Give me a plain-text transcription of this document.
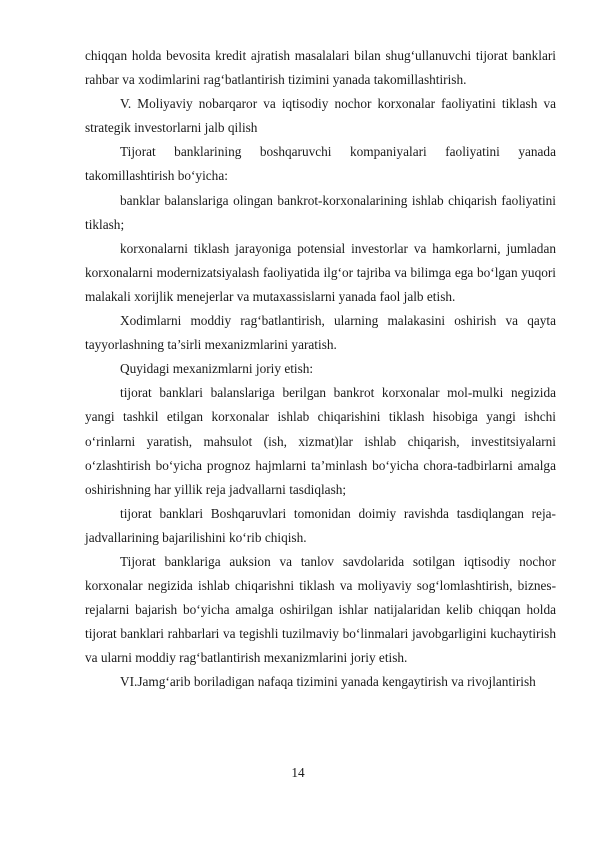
chiqqan holda bevosita kredit ajratish masalalari bilan shug‘ullanuvchi tijorat banklari rahbar va xodimlarini rag‘batlantirish tizimini yanada takomillashtirish.

V. Moliyaviy nobarqaror va iqtisodiy nochor korxonalar faoliyatini tiklash va strategik investorlarni jalb qilish

Tijorat banklarining boshqaruvchi kompaniyalari faoliyatini yanada takomillashtirish bo‘yicha:

banklar balanslariga olingan bankrot-korxonalarining ishlab chiqarish faoliyatini tiklash;

korxonalarni tiklash jarayoniga potensial investorlar va hamkorlarni, jumladan korxonalarni modernizatsiyalash faoliyatida ilg‘or tajriba va bilimga ega bo‘lgan yuqori malakali xorijlik menejerlar va mutaxassislarni yanada faol jalb etish.

Xodimlarni moddiy rag‘batlantirish, ularning malakasini oshirish va qayta tayyorlashning ta’sirli mexanizmlarini yaratish.

Quyidagi mexanizmlarni joriy etish:

tijorat banklari balanslariga berilgan bankrot korxonalar mol-mulki negizida yangi tashkil etilgan korxonalar ishlab chiqarishini tiklash hisobiga yangi ishchi o‘rinlarni yaratish, mahsulot (ish, xizmat)lar ishlab chiqarish, investitsiyalarni o‘zlashtirish bo‘yicha prognoz hajmlarni ta’minlash bo‘yicha chora-tadbirlarni amalga oshirishning har yillik reja jadvallarni tasdiqlash;

tijorat banklari Boshqaruvlari tomonidan doimiy ravishda tasdiqlangan reja-jadvallarining bajarilishini ko‘rib chiqish.

Tijorat banklariga auksion va tanlov savdolarida sotilgan iqtisodiy nochor korxonalar negizida ishlab chiqarishni tiklash va moliyaviy sog‘lomlashtirish, biznes-rejalarni bajarish bo‘yicha amalga oshirilgan ishlar natijalaridan kelib chiqqan holda tijorat banklari rahbarlari va tegishli tuzilmaviy bo‘linmalari javobgarligini kuchaytirish va ularni moddiy rag‘batlantirish mexanizmlarini joriy etish.

VI.Jamg‘arib boriladigan nafaqa tizimini yanada kengaytirish va rivojlantirish

14
